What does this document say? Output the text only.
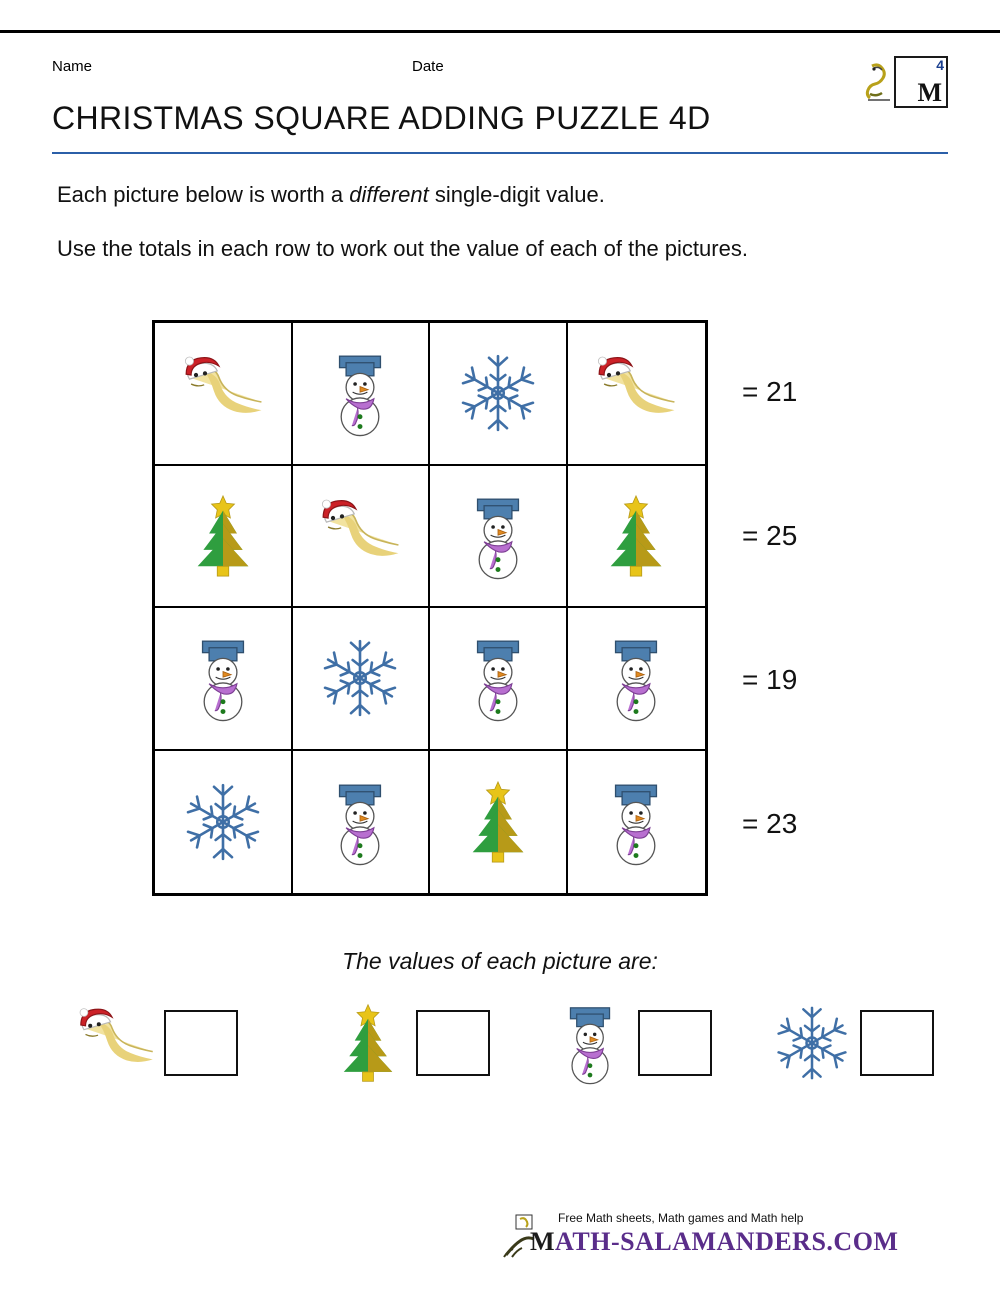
Name	Date	4
M
CHRISTMAS SQUARE ADDING PUZZLE 4D
Each picture below is worth a different single-digit value.
Use the totals in each row to work out the value of each of the pictures.
= 21
= 25
= 19
= 23
The values of each picture are:
Free Math sheets, Math games and Math help
MATH-SALAMANDERS.COM
